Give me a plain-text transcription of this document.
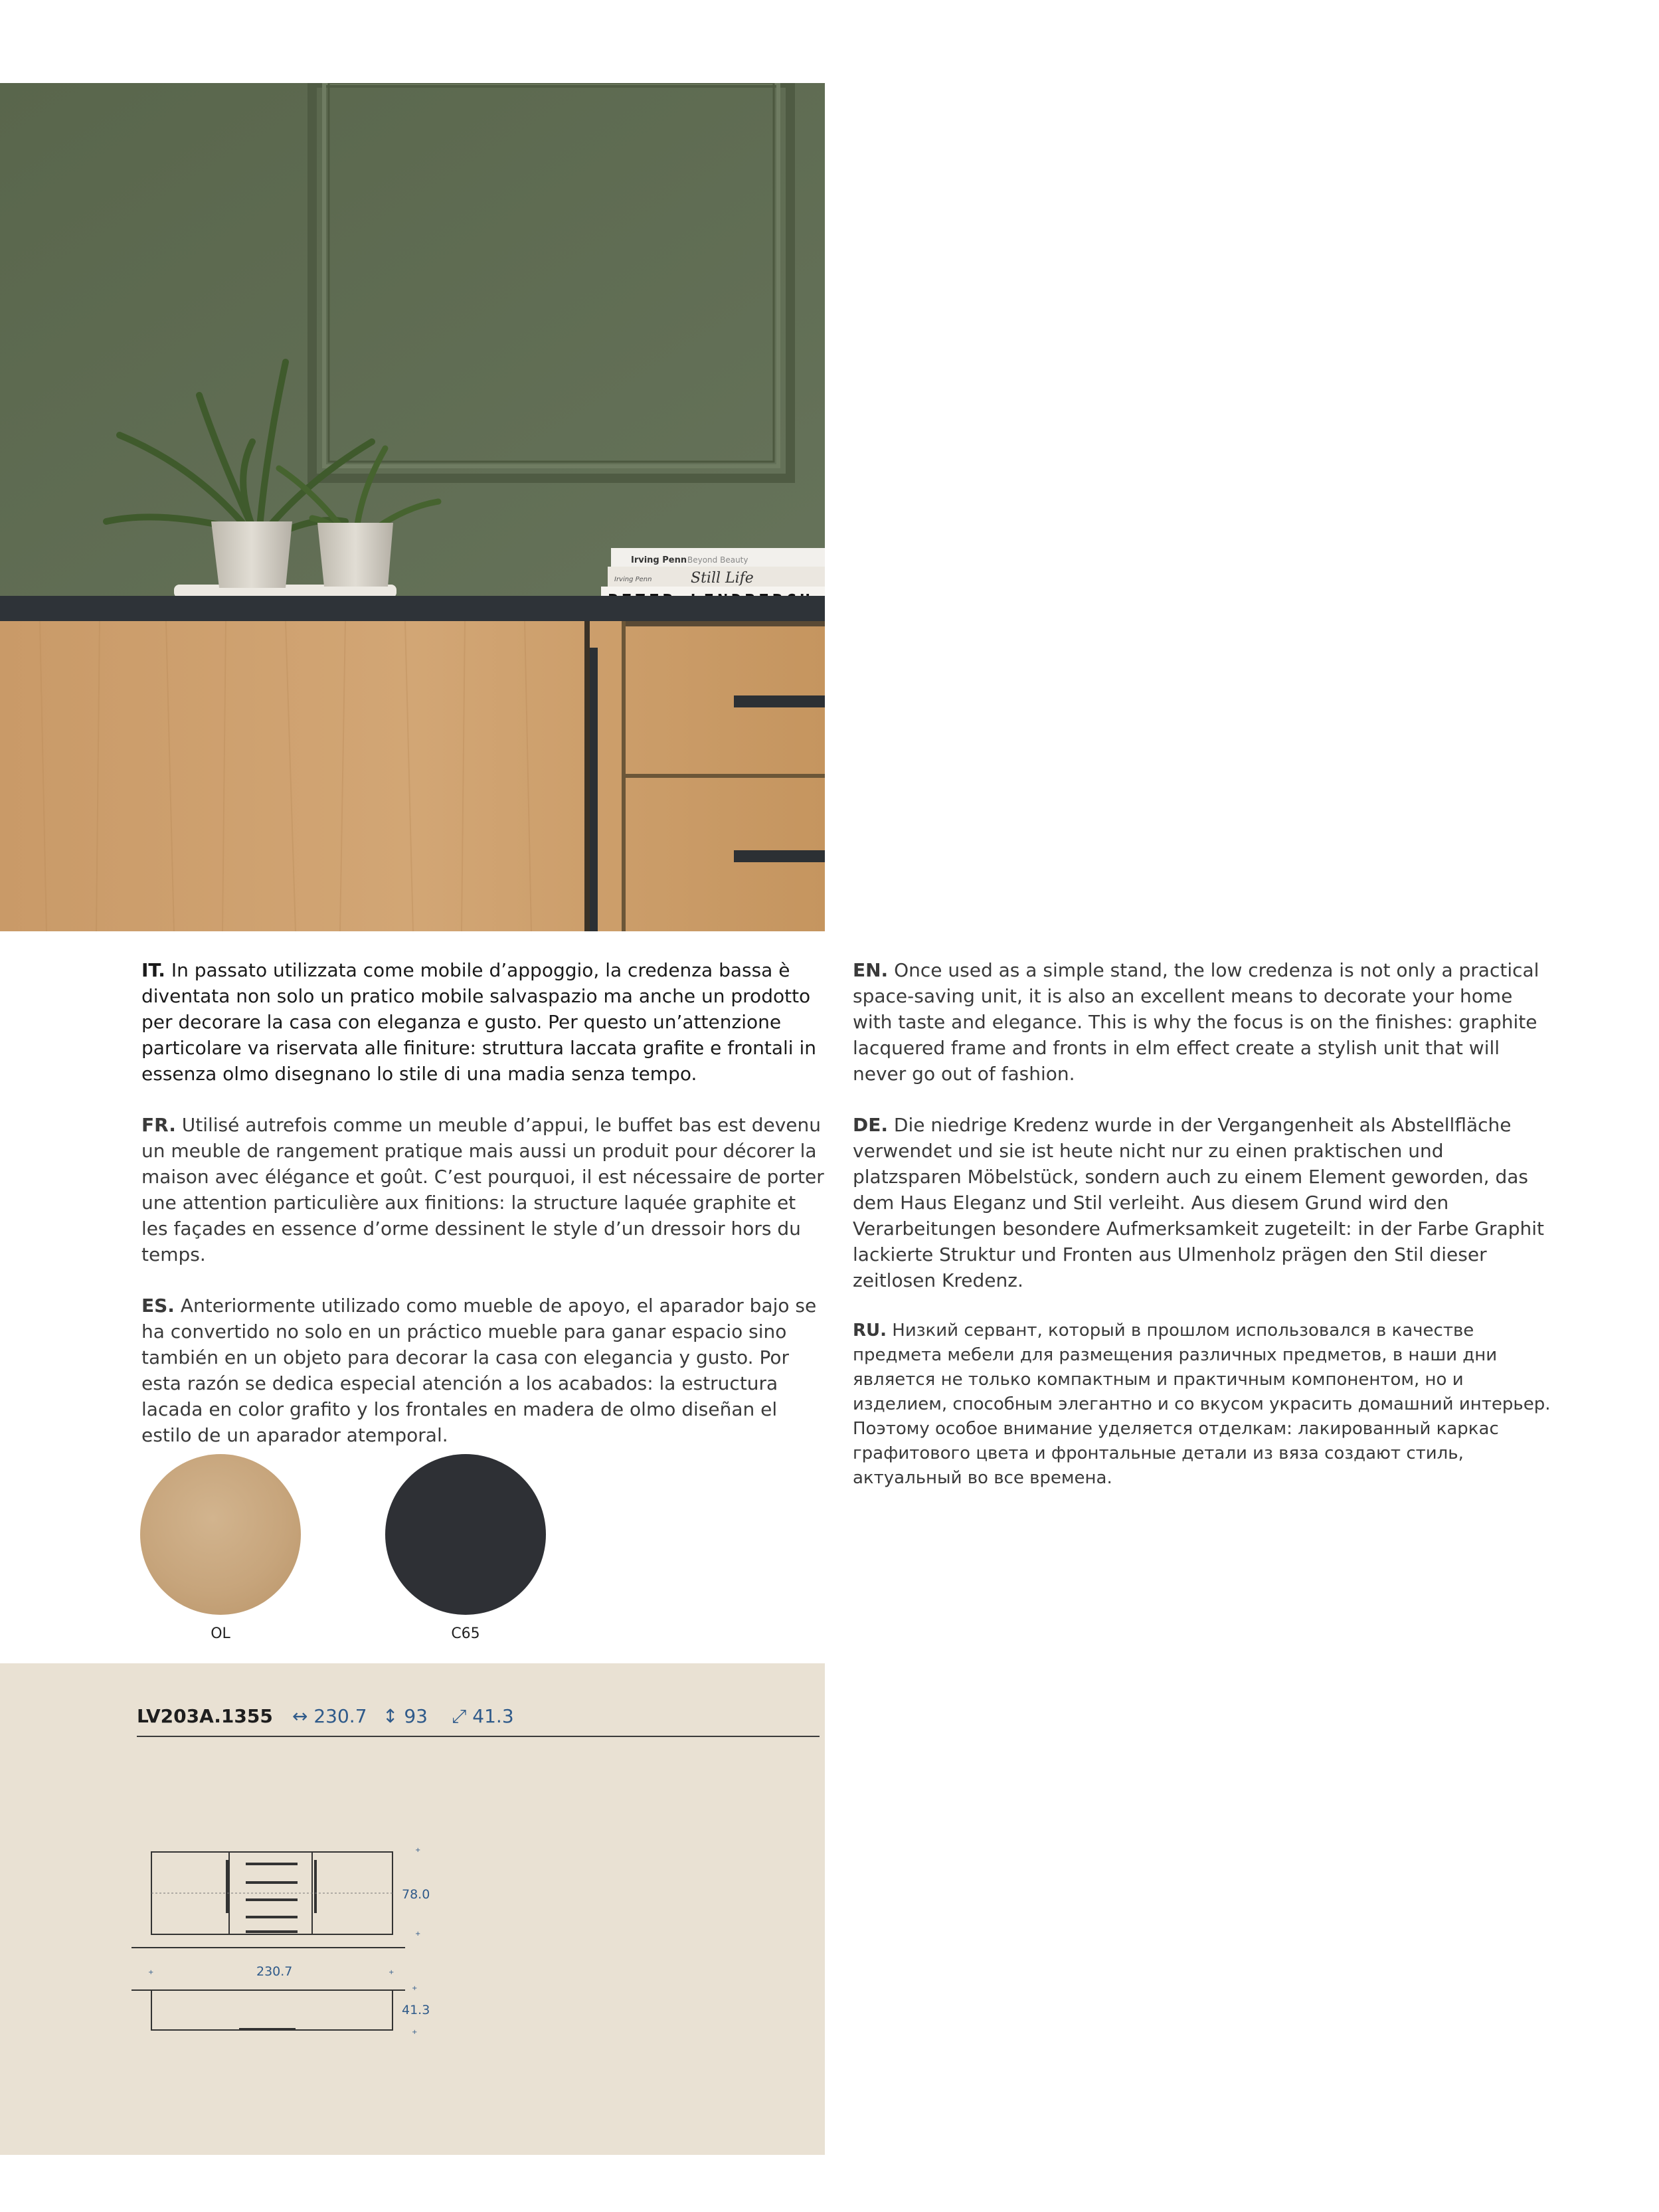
Irving Penn Beyond Beauty
Irving Penn	Still Life

IT. In passato utilizzata come mobile d’appoggio, la credenza bassa è diventata non solo un pratico mobile salvaspazio ma anche un prodotto per decorare la casa con eleganza e gusto. Per questo un’attenzione particolare va riservata alle finiture: struttura laccata grafite e frontali in essenza olmo disegnano lo stile di una madia senza tempo.

FR. Utilisé autrefois comme un meuble d’appui, le buffet bas est devenu un meuble de rangement pratique mais aussi un produit pour décorer la maison avec élégance et goût. C’est pourquoi, il est nécessaire de porter une attention particulière aux finitions: la structure laquée graphite et les façades en essence d’orme dessinent le style d’un dressoir hors du temps.

ES. Anteriormente utilizado como mueble de apoyo, el aparador bajo se ha convertido no solo en un práctico mueble para ganar espacio sino también en un objeto para decorar la casa con elegancia y gusto. Por esta razón se dedica especial atención a los acabados: la estructura lacada en color grafito y los frontales en madera de olmo diseñan el estilo de un aparador atemporal.

EN. Once used as a simple stand, the low credenza is not only a practical space-saving unit, it is also an excellent means to decorate your home with taste and elegance. This is why the focus is on the finishes: graphite lacquered frame and fronts in elm effect create a stylish unit that will never go out of fashion.

DE. Die niedrige Kredenz wurde in der Vergangenheit als Abstellfläche verwendet und sie ist heute nicht nur zu einen praktischen und platzsparen Möbelstück, sondern auch zu einem Element geworden, das dem Haus Eleganz und Stil verleiht. Aus diesem Grund wird den Verarbeitungen besondere Aufmerksamkeit zugeteilt: in der Farbe Graphit lackierte Struktur und Fronten aus Ulmenholz prägen den Stil dieser zeitlosen Kredenz.

RU. Низкий сервант, который в прошлом использовался в качестве предмета мебели для размещения различных предметов, в наши дни является не только компактным и практичным компонентом, но и изделием, способным элегантно и со вкусом украсить домашний интерьер. Поэтому особое внимание уделяется отделкам: лакированный каркас графитового цвета и фронтальные детали из вяза создают стиль, актуальный во все времена.

OL	C65
LV203A.1355 ↔ 230.7 ↕ 93 ⤢ 41.3
+
+
78.0
+	+
230.7
+
+
41.3
